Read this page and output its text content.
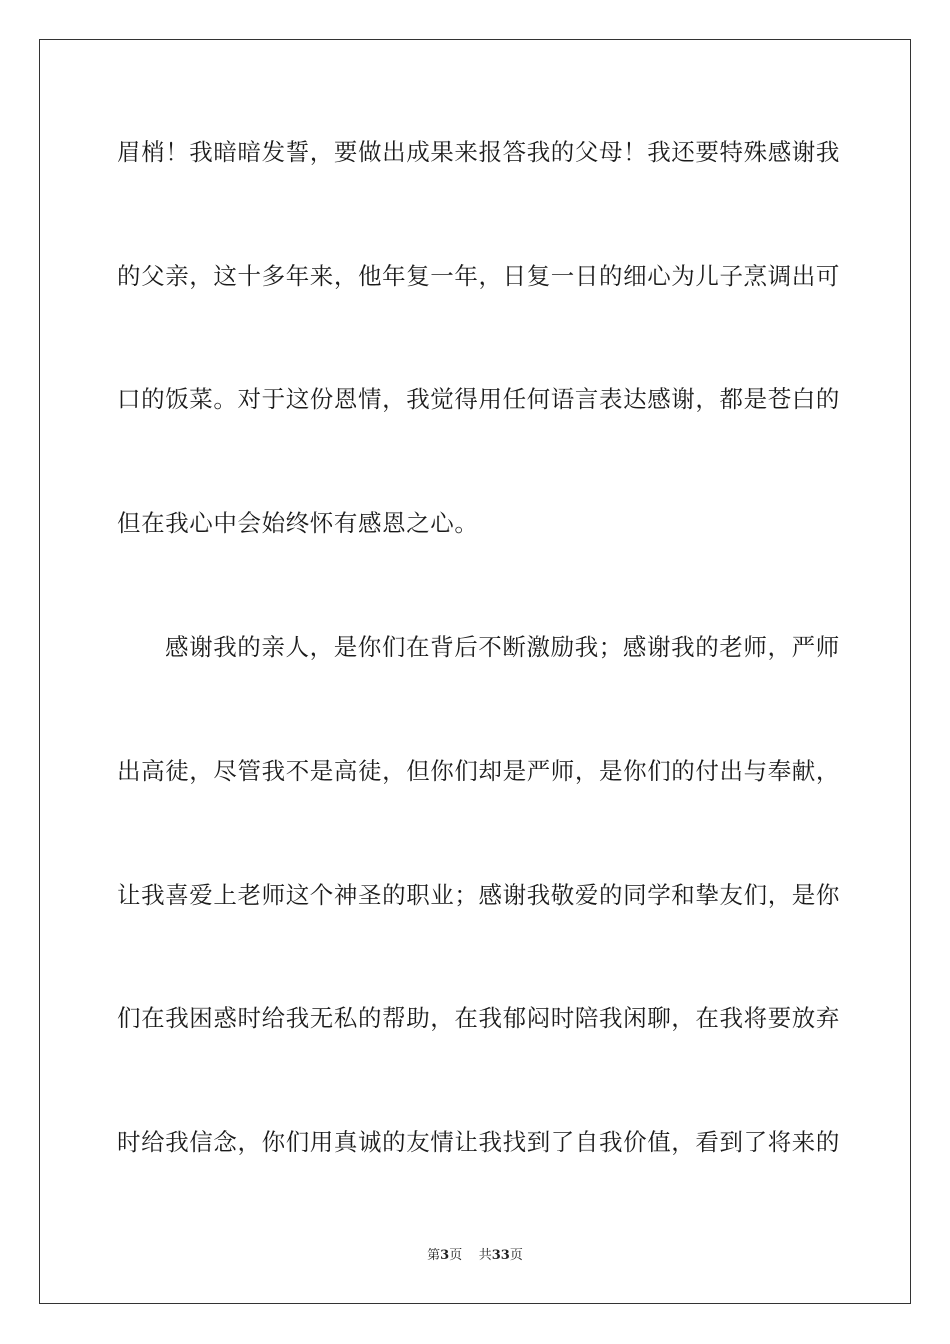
眉梢！我暗暗发誓，要做出成果来报答我的父母！我还要特殊感谢我
的父亲，这十多年来，他年复一年，日复一日的细心为儿子烹调出可
口的饭菜。对于这份恩情，我觉得用任何语言表达感谢，都是苍白的
但在我心中会始终怀有感恩之心。
感谢我的亲人，是你们在背后不断激励我；感谢我的老师，严师
出高徒，尽管我不是高徒，但你们却是严师，是你们的付出与奉献，
让我喜爱上老师这个神圣的职业；感谢我敬爱的同学和挚友们，是你
们在我困惑时给我无私的帮助，在我郁闷时陪我闲聊，在我将要放弃
时给我信念，你们用真诚的友情让我找到了自我价值，看到了将来的
第3页 共33页
